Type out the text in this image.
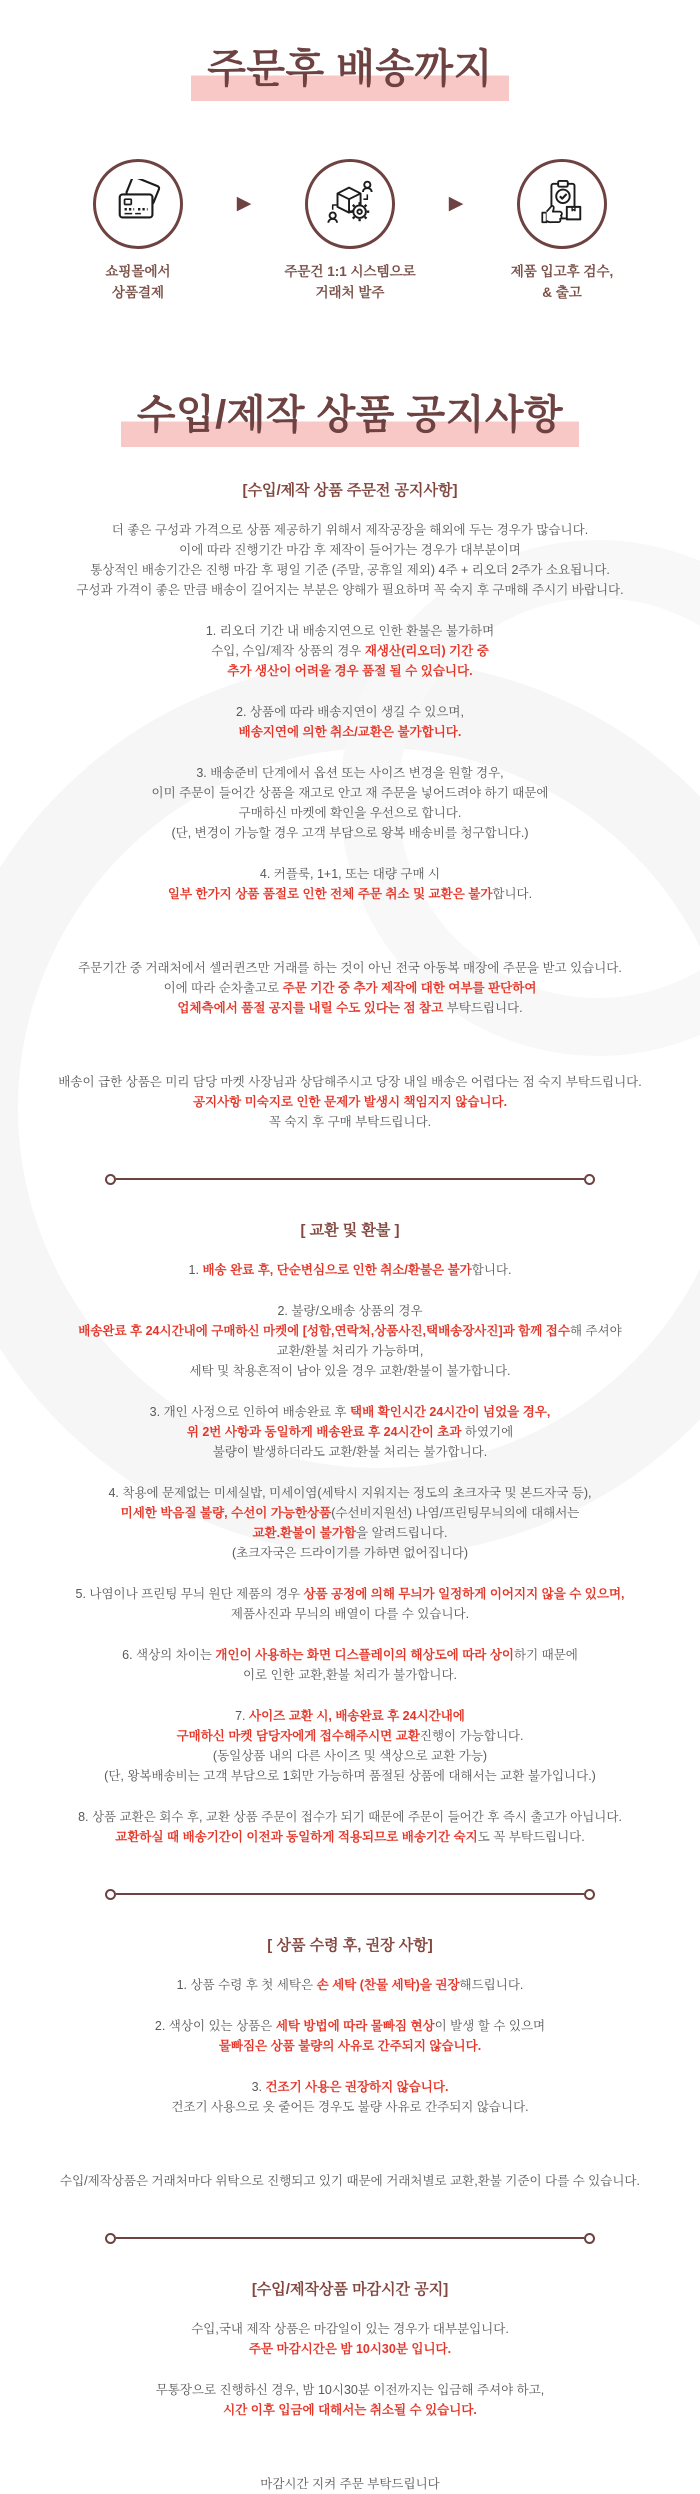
주문후 배송까지
쇼핑몰에서
상품결제
▶
주문건 1:1 시스템으로
거래처 발주
▶
제품 입고후 검수,
& 출고
수입/제작 상품 공지사항
[수입/제작 상품 주문전 공지사항]

더 좋은 구성과 가격으로 상품 제공하기 위해서 제작공장을 해외에 두는 경우가 많습니다.

이에 따라 진행기간 마감 후 제작이 들어가는 경우가 대부분이며

통상적인 배송기간은 진행 마감 후 평일 기준 (주말, 공휴일 제외) 4주 + 리오더 2주가 소요됩니다.

구성과 가격이 좋은 만큼 배송이 길어지는 부분은 양해가 필요하며 꼭 숙지 후 구매해 주시기 바랍니다.

1. 리오더 기간 내 배송지연으로 인한 환불은 불가하며

수입, 수입/제작 상품의 경우 재생산(리오더) 기간 중

추가 생산이 어려울 경우 품절 될 수 있습니다.

2. 상품에 따라 배송지연이 생길 수 있으며,

배송지연에 의한 취소/교환은 불가합니다.

3. 배송준비 단계에서 옵션 또는 사이즈 변경을 원할 경우,

이미 주문이 들어간 상품을 재고로 안고 재 주문을 넣어드려야 하기 때문에

구매하신 마켓에 확인을 우선으로 합니다.

(단, 변경이 가능할 경우 고객 부담으로 왕복 배송비를 청구합니다.)

4. 커플룩, 1+1, 또는 대량 구매 시

일부 한가지 상품 품절로 인한 전체 주문 취소 및 교환은 불가합니다.

주문기간 중 거래처에서 셀러퀸즈만 거래를 하는 것이 아닌 전국 아동복 매장에 주문을 받고 있습니다.

이에 따라 순차출고로 주문 기간 중 추가 제작에 대한 여부를 판단하여

업체측에서 품절 공지를 내릴 수도 있다는 점 참고 부탁드립니다.

배송이 급한 상품은 미리 담당 마켓 사장님과 상담해주시고 당장 내일 배송은 어렵다는 점 숙지 부탁드립니다.

공지사항 미숙지로 인한 문제가 발생시 책임지지 않습니다.

꼭 숙지 후 구매 부탁드립니다.

[ 교환 및 환불 ]

1. 배송 완료 후, 단순변심으로 인한 취소/환불은 불가합니다.

2. 불량/오배송 상품의 경우

배송완료 후 24시간내에 구매하신 마켓에 [성함,연락처,상품사진,택배송장사진]과 함께 접수해 주셔야

교환/환불 처리가 가능하며,

세탁 및 착용흔적이 남아 있을 경우 교환/환불이 불가합니다.

3. 개인 사정으로 인하여 배송완료 후 택배 확인시간 24시간이 넘었을 경우,

위 2번 사항과 동일하게 배송완료 후 24시간이 초과 하였기에

불량이 발생하더라도 교환/환불 처리는 불가합니다.

4. 착용에 문제없는 미세실밥, 미세이염(세탁시 지워지는 정도의 초크자국 및 본드자국 등),

미세한 박음질 불량, 수선이 가능한상품(수선비지원선) 나염/프린팅무늬의에 대해서는

교환.환불이 불가함을 알려드립니다.

(초크자국은 드라이기를 가하면 없어집니다)

5. 나염이나 프린팅 무늬 원단 제품의 경우 상품 공정에 의해 무늬가 일정하게 이어지지 않을 수 있으며,

제품사진과 무늬의 배열이 다를 수 있습니다.

6. 색상의 차이는 개인이 사용하는 화면 디스플레이의 해상도에 따라 상이하기 때문에

이로 인한 교환,환불 처리가 불가합니다.

7. 사이즈 교환 시, 배송완료 후 24시간내에

구매하신 마켓 담당자에게 접수해주시면 교환진행이 가능합니다.

(동일상품 내의 다른 사이즈 및 색상으로 교환 가능)

(단, 왕복배송비는 고객 부담으로 1회만 가능하며 품절된 상품에 대해서는 교환 불가입니다.)

8. 상품 교환은 회수 후, 교환 상품 주문이 접수가 되기 때문에 주문이 들어간 후 즉시 출고가 아닙니다.

교환하실 때 배송기간이 이전과 동일하게 적용되므로 배송기간 숙지도 꼭 부탁드립니다.

[ 상품 수령 후, 권장 사항]

1. 상품 수령 후 첫 세탁은 손 세탁 (찬물 세탁)을 권장해드립니다.

2. 색상이 있는 상품은 세탁 방법에 따라 물빠짐 현상이 발생 할 수 있으며

물빠짐은 상품 불량의 사유로 간주되지 않습니다.

3. 건조기 사용은 권장하지 않습니다.

건조기 사용으로 옷 줄어든 경우도 불량 사유로 간주되지 않습니다.

수입/제작상품은 거래처마다 위탁으로 진행되고 있기 때문에 거래처별로 교환,환불 기준이 다를 수 있습니다.

[수입/제작상품 마감시간 공지]

수입,국내 제작 상품은 마감일이 있는 경우가 대부분입니다.

주문 마감시간은 밤 10시30분 입니다.

무통장으로 진행하신 경우, 밤 10시30분 이전까지는 입금해 주셔야 하고,

시간 이후 입금에 대해서는 취소될 수 있습니다.

마감시간 지켜 주문 부탁드립니다
